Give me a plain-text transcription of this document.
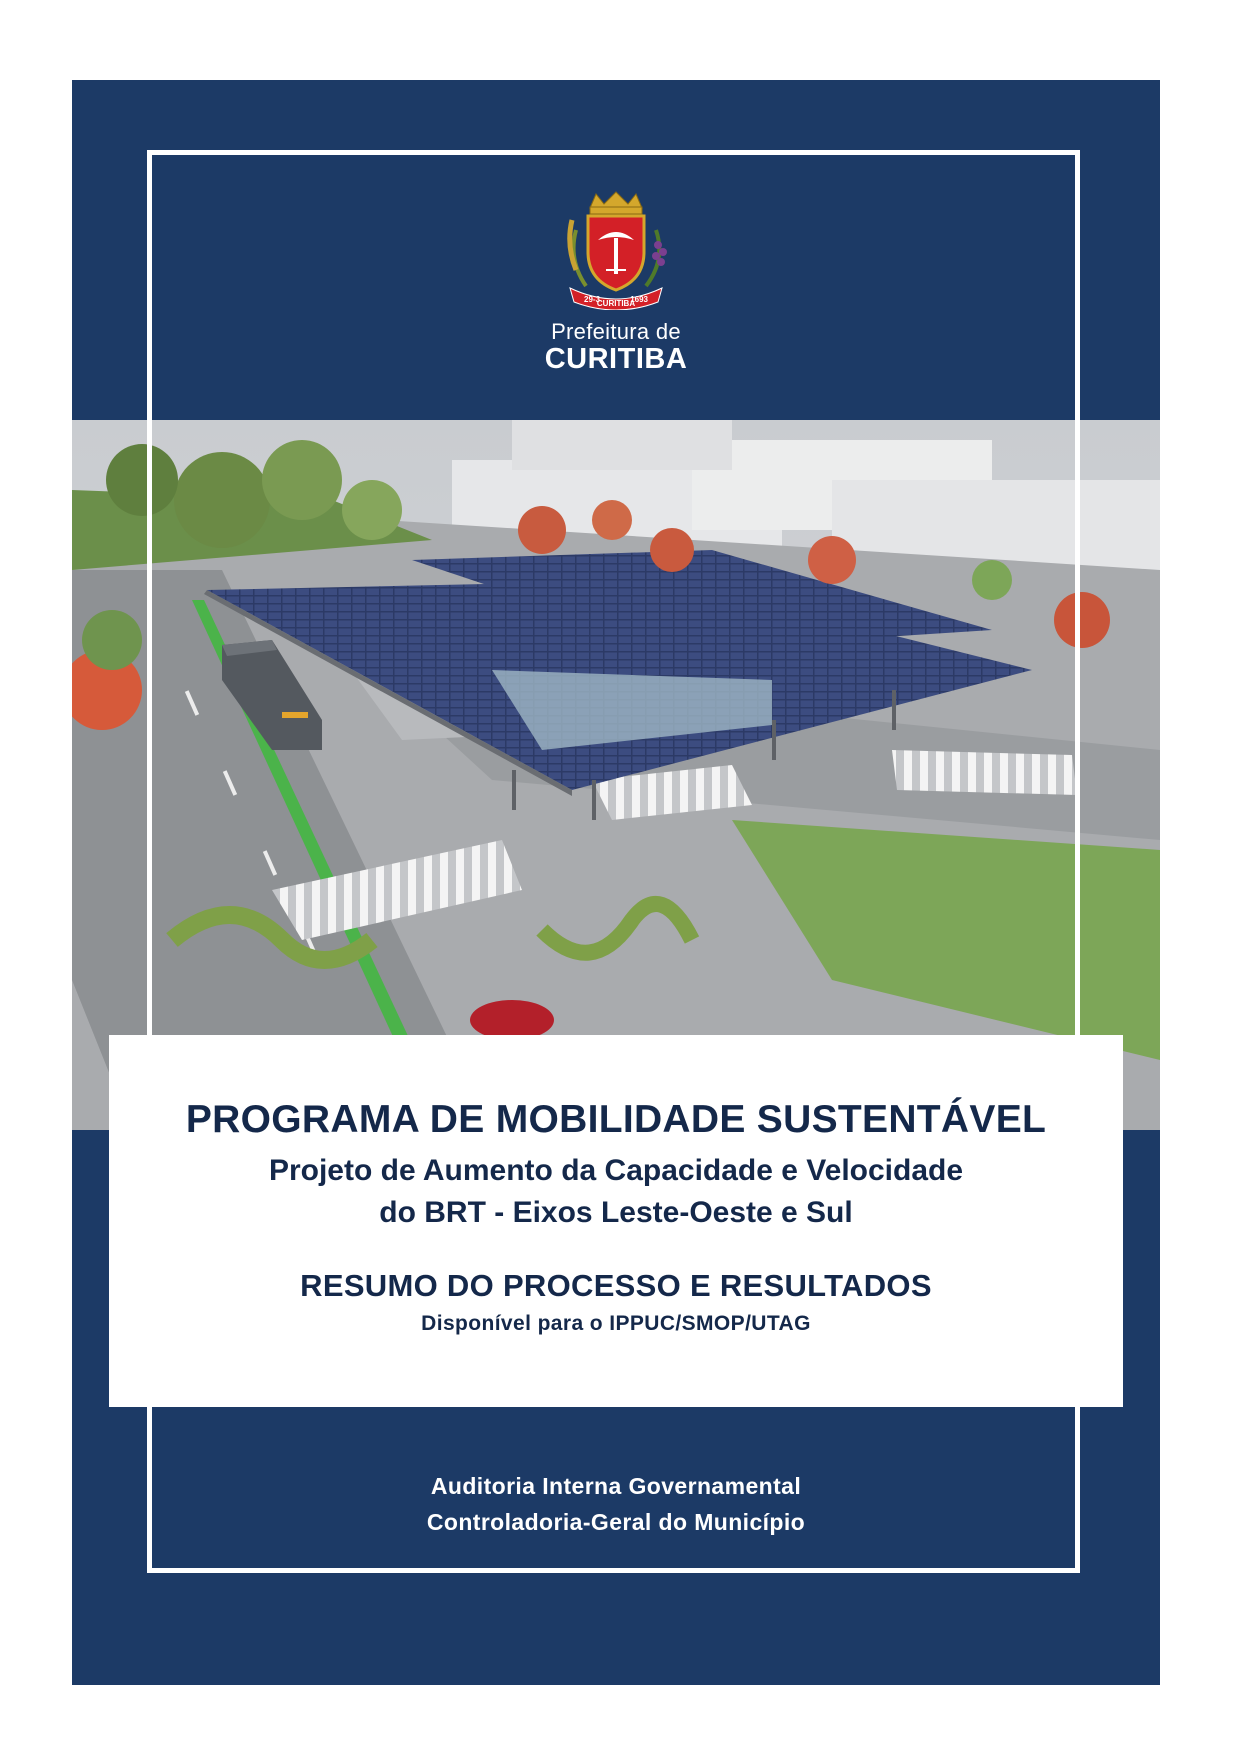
29-3
CURITIBA
1693
Prefeitura de
CURITIBA
PROGRAMA DE MOBILIDADE SUSTENTÁVEL
Projeto de Aumento da Capacidade e Velocidade
do BRT - Eixos Leste-Oeste e Sul
RESUMO DO PROCESSO E RESULTADOS
Disponível para o IPPUC/SMOP/UTAG
Auditoria Interna Governamental
Controladoria-Geral do Município
